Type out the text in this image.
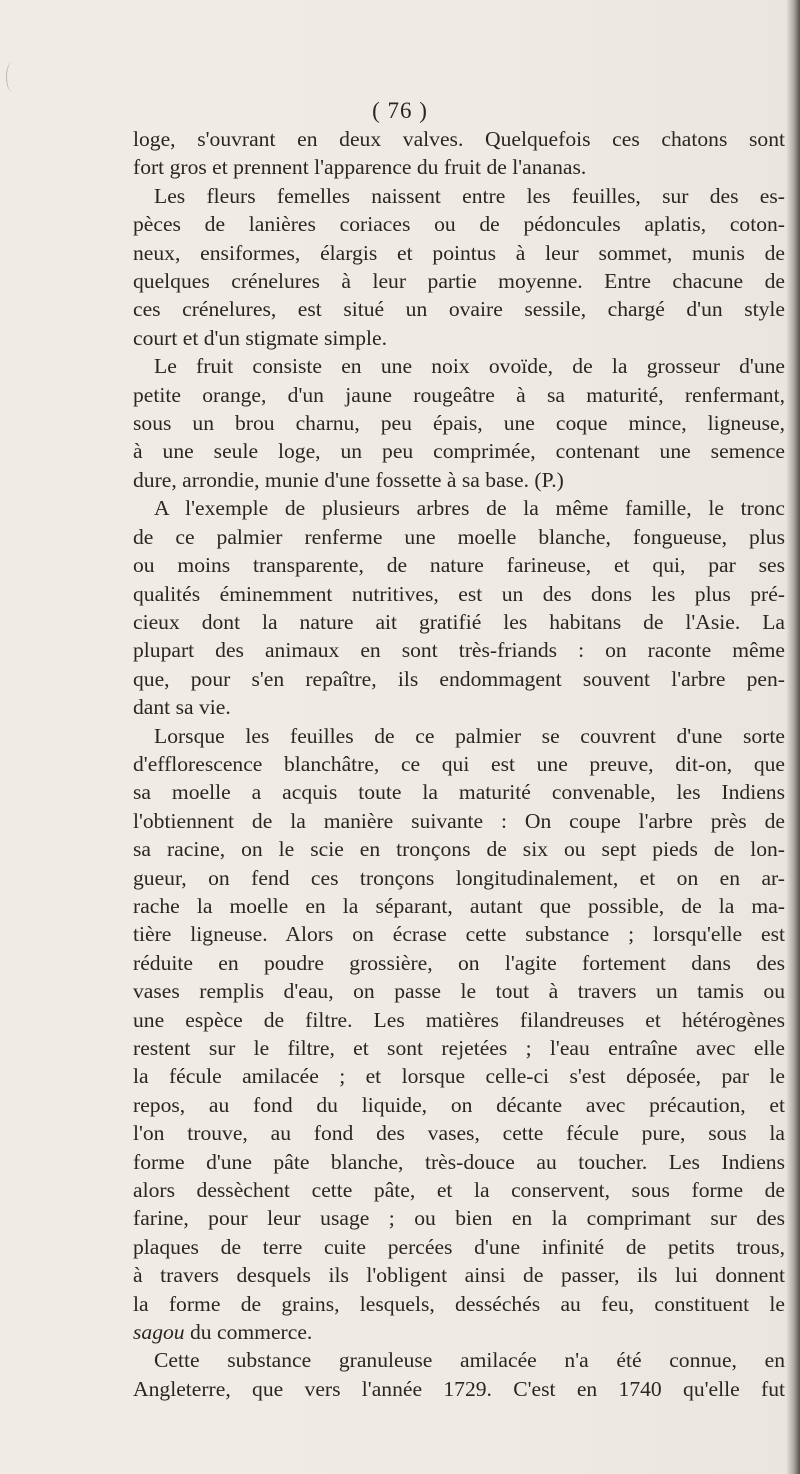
( 76 )
loge, s'ouvrant en deux valves. Quelquefois ces chatons sont
fort gros et prennent l'apparence du fruit de l'ananas.
Les fleurs femelles naissent entre les feuilles, sur des es-
pèces de lanières coriaces ou de pédoncules aplatis, coton-
neux, ensiformes, élargis et pointus à leur sommet, munis de
quelques crénelures à leur partie moyenne. Entre chacune de
ces crénelures, est situé un ovaire sessile, chargé d'un style
court et d'un stigmate simple.
Le fruit consiste en une noix ovoïde, de la grosseur d'une
petite orange, d'un jaune rougeâtre à sa maturité, renfermant,
sous un brou charnu, peu épais, une coque mince, ligneuse,
à une seule loge, un peu comprimée, contenant une semence
dure, arrondie, munie d'une fossette à sa base. (P.)
A l'exemple de plusieurs arbres de la même famille, le tronc
de ce palmier renferme une moelle blanche, fongueuse, plus
ou moins transparente, de nature farineuse, et qui, par ses
qualités éminemment nutritives, est un des dons les plus pré-
cieux dont la nature ait gratifié les habitans de l'Asie. La
plupart des animaux en sont très-friands : on raconte même
que, pour s'en repaître, ils endommagent souvent l'arbre pen-
dant sa vie.
Lorsque les feuilles de ce palmier se couvrent d'une sorte
d'efflorescence blanchâtre, ce qui est une preuve, dit-on, que
sa moelle a acquis toute la maturité convenable, les Indiens
l'obtiennent de la manière suivante : On coupe l'arbre près de
sa racine, on le scie en tronçons de six ou sept pieds de lon-
gueur, on fend ces tronçons longitudinalement, et on en ar-
rache la moelle en la séparant, autant que possible, de la ma-
tière ligneuse. Alors on écrase cette substance ; lorsqu'elle est
réduite en poudre grossière, on l'agite fortement dans des
vases remplis d'eau, on passe le tout à travers un tamis ou
une espèce de filtre. Les matières filandreuses et hétérogènes
restent sur le filtre, et sont rejetées ; l'eau entraîne avec elle
la fécule amilacée ; et lorsque celle-ci s'est déposée, par le
repos, au fond du liquide, on décante avec précaution, et
l'on trouve, au fond des vases, cette fécule pure, sous la
forme d'une pâte blanche, très-douce au toucher. Les Indiens
alors dessèchent cette pâte, et la conservent, sous forme de
farine, pour leur usage ; ou bien en la comprimant sur des
plaques de terre cuite percées d'une infinité de petits trous,
à travers desquels ils l'obligent ainsi de passer, ils lui donnent
la forme de grains, lesquels, desséchés au feu, constituent le
sagou du commerce.
Cette substance granuleuse amilacée n'a été connue, en
Angleterre, que vers l'année 1729. C'est en 1740 qu'elle fut
